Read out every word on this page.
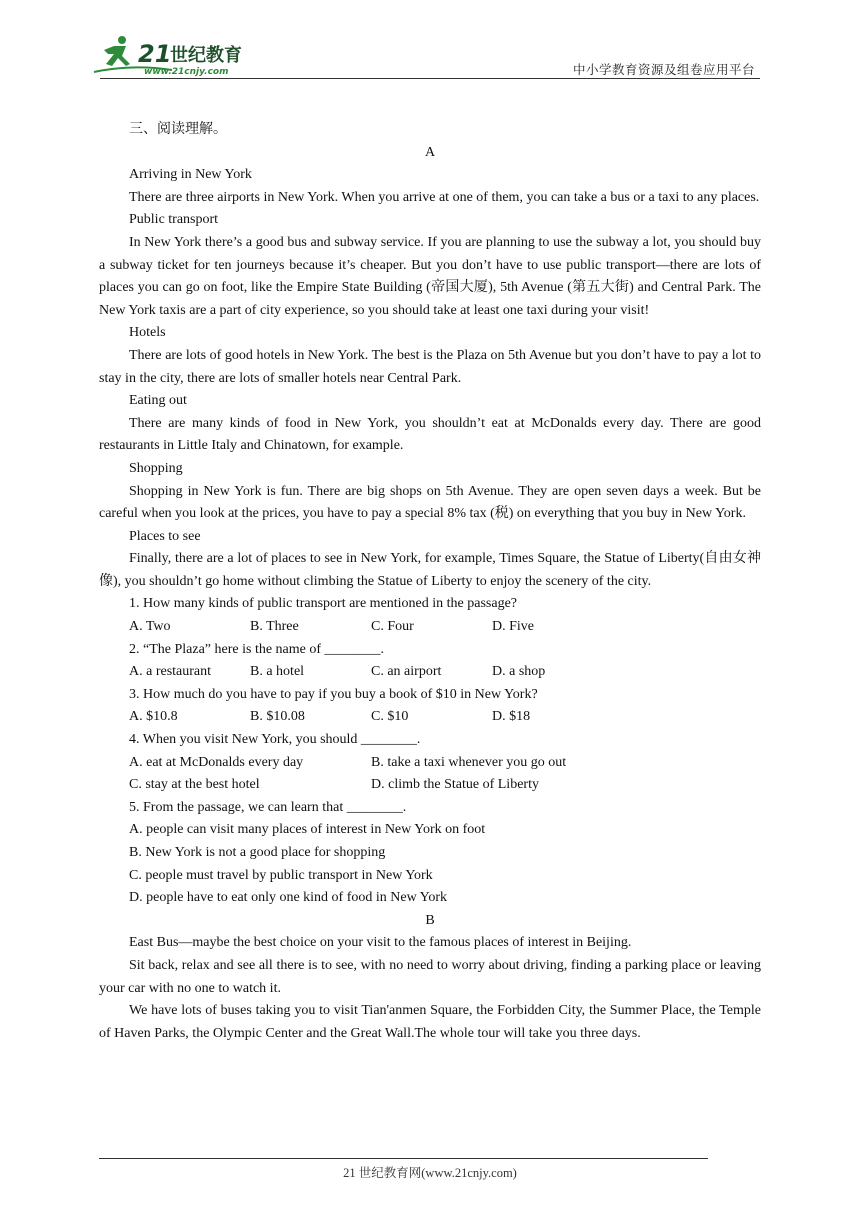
21
世纪教育
www.21cnjy.com	中小学教育资源及组卷应用平台

三、阅读理解。

A

Arriving in New York

There are three airports in New York. When you arrive at one of them, you can take a bus or a taxi to any places.

Public transport

In New York there’s a good bus and subway service. If you are planning to use the subway a lot, you should buy a subway ticket for ten journeys because it’s cheaper. But you don’t have to use public transport—there are lots of places you can go on foot, like the Empire State Building (帝国大厦), 5th Avenue (第五大街) and Central Park. The New York taxis are a part of city experience, so you should take at least one taxi during your visit!

Hotels

There are lots of good hotels in New York. The best is the Plaza on 5th Avenue but you don’t have to pay a lot to stay in the city, there are lots of smaller hotels near Central Park.

Eating out

There are many kinds of food in New York, you shouldn’t eat at McDonalds every day. There are good restaurants in Little Italy and Chinatown, for example.

Shopping

Shopping in New York is fun. There are big shops on 5th Avenue. They are open seven days a week. But be careful when you look at the prices, you have to pay a special 8% tax (税) on everything that you buy in New York.

Places to see

Finally, there are a lot of places to see in New York, for example, Times Square, the Statue of Liberty(自由女神像), you shouldn’t go home without climbing the Statue of Liberty to enjoy the scenery of the city.

1. How many kinds of public transport are mentioned in the passage?

A. Two	B. Three	C. Four	D. Five

2. “The Plaza” here is the name of ________.

A. a restaurant	B. a hotel	C. an airport	D. a shop

3. How much do you have to pay if you buy a book of $10 in New York?

A. $10.8	B. $10.08	C. $10	D. $18

4. When you visit New York, you should ________.

A. eat at McDonalds every day	B. take a taxi whenever you go out
C. stay at the best hotel	D. climb the Statue of Liberty

5. From the passage, we can learn that ________.

A. people can visit many places of interest in New York on foot

B. New York is not a good place for shopping

C. people must travel by public transport in New York

D. people have to eat only one kind of food in New York

B

East Bus—maybe the best choice on your visit to the famous places of interest in Beijing.

Sit back, relax and see all there is to see, with no need to worry about driving, finding a parking place or leaving your car with no one to watch it.

We have lots of buses taking you to visit Tian'anmen Square, the Forbidden City, the Summer Place, the Temple of Haven Parks, the Olympic Center and the Great Wall.The whole tour will take you three days.

21 世纪教育网(www.21cnjy.com)
